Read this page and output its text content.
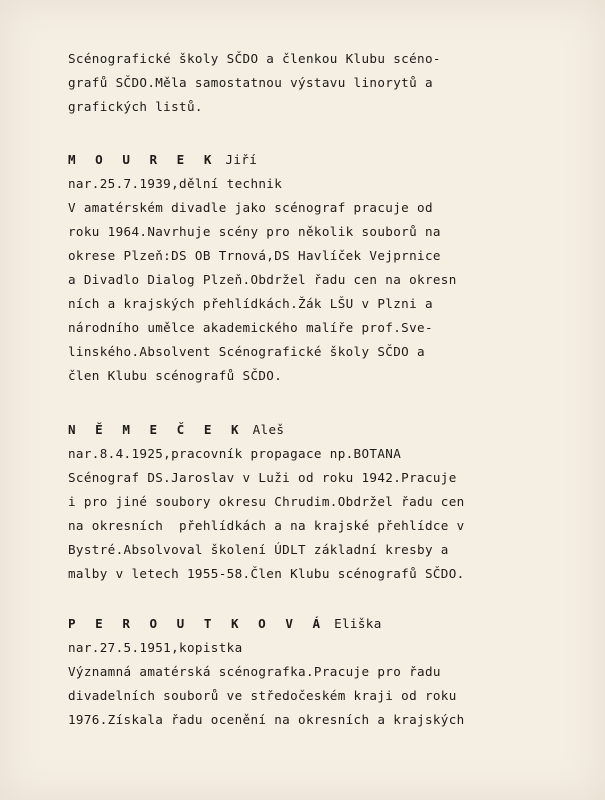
Scénografické školy SČDO a členkou Klubu scéno-
grafů SČDO.Měla samostatnou výstavu linorytů a
grafických listů.
M O U R E K Jiří
nar.25.7.1939,dělní technik
V amatérském divadle jako scénograf pracuje od
roku 1964.Navrhuje scény pro několik souborů na
okrese Plzeň:DS OB Trnová,DS Havlíček Vejprnice
a Divadlo Dialog Plzeň.Obdržel řadu cen na okresn
ních a krajských přehlídkách.Žák LŠU v Plzni a
národního umělce akademického malíře prof.Sve-
linského.Absolvent Scénografické školy SČDO a
člen Klubu scénografů SČDO.
N Ě M E Č E K Aleš
nar.8.4.1925,pracovník propagace np.BOTANA
Scénograf DS.Jaroslav v Luži od roku 1942.Pracuje
i pro jiné soubory okresu Chrudim.Obdržel řadu cen
na okresních  přehlídkách a na krajské přehlídce v
Bystré.Absolvoval školení ÚDLT základní kresby a
malby v letech 1955-58.Člen Klubu scénografů SČDO.
P E R O U T K O V Á Eliška
nar.27.5.1951,kopistka
Významná amatérská scénografka.Pracuje pro řadu
divadelních souborů ve středočeském kraji od roku
1976.Získala řadu ocenění na okresních a krajských
